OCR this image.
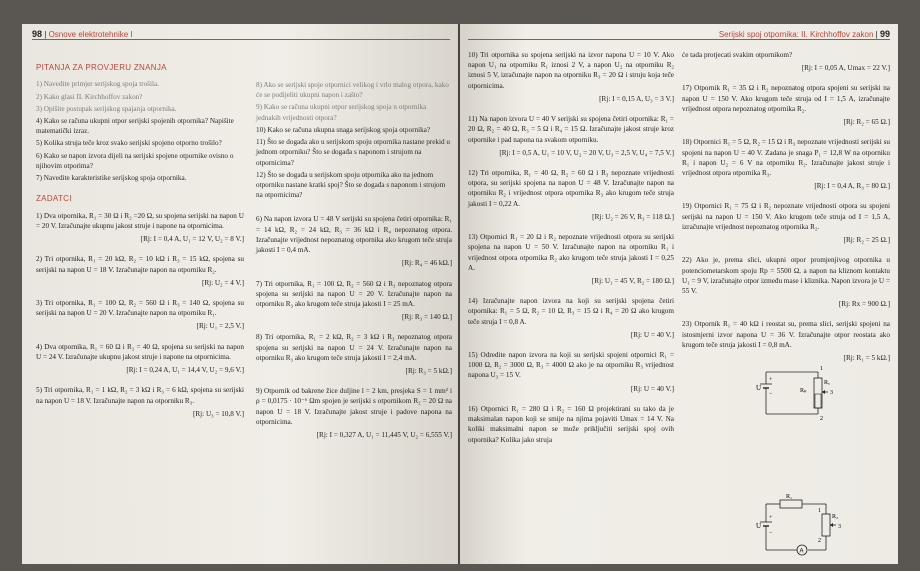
98 | Osnove elektrotehnike I
PITANJA ZA PROVJERU ZNANJA
1) Navedite primjer serijskog spoja trošila.
2) Kako glasi II. Kirchhoffov zakon?
3) Opišite postupak serijskog spajanja otpornika.
4) Kako se računa ukupni otpor serijski spojenih otpornika? Napišite matematički izraz.
5) Kolika struja teče kroz svako serijski spojeno otporno trošilo?
6) Kako se napon izvora dijeli na serijski spojene otpornike ovisno o njihovim otporima?
7) Navedite karakteristike serijskog spoja otpornika.
ZADATCI
1) Dva otpornika, R₁ = 30 Ω i R₂ =20 Ω, su spojena serijski na napon U = 20 V. Izračunajte ukupnu jakost struje i napone na otpornicima.
[Rj: I = 0,4 A, U₁ = 12 V, U₂ = 8 V.]
2) Tri otpornika, R₁ = 20 kΩ, R₂ = 10 kΩ i R₃ = 15 kΩ, spojena su serijski na napon U = 18 V. Izračunajte napon na otporniku R₂.
[Rj: U₂ = 4 V.]
3) Tri otpornika, R₁ = 100 Ω, R₂ = 560 Ω i R₃ = 140 Ω, spojena su serijski na napon U = 20 V. Izračunajte napon na otporniku R₁.
[Rj: U₁ = 2,5 V.]
4) Dva otpornika, R₁ = 60 Ω i R₂ = 40 Ω, spojena su serijski na napon U = 24 V. Izračunajte ukupnu jakost struje i napone na otpornicima.
[Rj: I = 0,24 A, U₁ = 14,4 V, U₂ = 9,6 V.]
5) Tri otpornika, R₁ = 1 kΩ, R₂ = 3 kΩ i R₃ = 6 kΩ, spojena su serijski na napon U = 18 V. Izračunajte napon na otporniku R₃.
[Rj: U₃ = 10,8 V.]
8) Ako se serijski spoje otpornici velikog i vrlo malog otpora, kako će se podijeliti ukupni napon i zašto?
9) Kako se računa ukupni otpor serijskog spoja n otpornika jednakih vrijednosti otpora?
10) Kako se računa ukupna snaga serijskog spoja otpornika?
11) Što se događa ako u serijskom spoju otpornika nastane prekid u jednom otporniku? Što se događa s naponom i strujom na otpornicima?
12) Što se događa u serijskom spoju otpornika ako na jednom otporniku nastane kratki spoj? Što se događa s naponom i strujom na otpornicima?
6) Na napon izvora U = 48 V serijski su spojena četiri otpornika: R₁ = 14 kΩ, R₂ = 24 kΩ, R₃ = 36 kΩ i R₄ nepoznatog otpora. Izračunajte vrijednost nepoznatog otpornika ako krugom teče struja jakosti I = 0,4 mA.
[Rj: R₄ = 46 kΩ.]
7) Tri otpornika, R₁ = 100 Ω, R₂ = 560 Ω i R₃ nepoznatog otpora spojena su serijski na napon U = 20 V. Izračunajte napon na otporniku R₃ ako krugom teče struja jakosti I = 25 mA.
[Rj: R₃ = 140 Ω.]
8) Tri otpornika, R₁ = 2 kΩ, R₂ = 3 kΩ i R₃ nepoznatog otpora spojena su serijski na napon U = 24 V. Izračunajte napon na otporniku R₃ ako krugom teče struja jakosti I = 2,4 mA.
[Rj: R₃ = 5 kΩ.]
9) Otpornik od bakrene žice duljine l = 2 km, presjeka S = 1 mm² i ρ = 0,0175 · 10⁻⁶ Ωm spojen je serijski s otpornikom R₂ = 20 Ω na napon U = 18 V. Izračunajte jakost struje i padove napona na otpornicima.
[Rj: I = 0,327 A, U₁ = 11,445 V, U₂ = 6,555 V.]
Serijski spoj otpornika: II. Kirchhoffov zakon | 99
10) Tri otpornika su spojena serijski na izvor napona U = 10 V. Ako napon U₁ na otporniku R₁ iznosi 2 V, a napon U₂ na otporniku R₂ iznosi 5 V, izračunajte napon na otporniku R₃ = 20 Ω i struju koja teče otpornicima.
[Rj: I = 0,15 A, U₃ = 3 V.]
11) Na napon izvora U = 40 V serijski su spojena četiri otpornika: R₁ = 20 Ω, R₂ = 40 Ω, R₃ = 5 Ω i R₄ = 15 Ω. Izračunajte jakost struje kroz otpornike i pad napona na svakom otporniku.
[Rj: I = 0,5 A, U₁ = 10 V, U₂ = 20 V, U₃ = 2,5 V, U₄ = 7,5 V.]
12) Tri otpornika, R₁ = 40 Ω, R₂ = 60 Ω i R₃ nepoznate vrijednosti otpora, su serijski spojena na napon U = 48 V. Izračunajte napon na otporniku R₂ i vrijednost otpora otpornika R₃ ako krugom teče struja jakosti I = 0,22 A.
[Rj: U₂ = 26 V, R₃ = 118 Ω.]
13) Otpornici R₁ = 20 Ω i R₂ nepoznate vrijednosti otpora su serijski spojena na napon U = 50 V. Izračunajte napon na otporniku R₁ i vrijednost otpora otpornika R₂ ako krugom teče struja jakosti I = 0,25 A.
[Rj: U₁ = 45 V, R₂ = 180 Ω.]
14) Izračunajte napon izvora na koji su serijski spojena četiri otpornika: R₁ = 5 Ω, R₂ = 10 Ω, R₃ = 15 Ω i R₄ = 20 Ω ako krugom teče struja I = 0,8 A.
[Rj: U = 40 V.]
15) Odredite napon izvora na koji su serijski spojeni otpornici R₁ = 1000 Ω, R₂ = 3000 Ω, R₃ = 4000 Ω ako je na otporniku R₃ vrijednost napona U₃ = 15 V.
[Rj: U = 40 V.]
16) Otpornici R₁ = 280 Ω i R₂ = 160 Ω projektirani su tako da je maksimalan napon koji se smije na njima pojaviti Umax = 14 V. Na koliki maksimalni napon se može priključiti serijski spoj ovih otpornika? Kolika jako struja
će tada protjecati svakim otpornikom?
[Rj: I = 0,05 A, Umax = 22 V.]
17) Otpornik R₁ = 35 Ω i R₂ nepoznatog otpora spojeni su serijski na napon U = 150 V. Ako krugom teče struja od I = 1,5 A, izračunajte vrijednost otpora nepoznatog otpornika R₂.
[Rj: R₂ = 65 Ω.]
18) Otpornici R₁ = 5 Ω, R₂ = 15 Ω i R₃ nepoznate vrijednosti serijski su spojeni na napon U = 40 V. Zadana je snaga P₁ = 12,8 W na otporniku R₁ i napon U₂ = 6 V na otporniku R₂. Izračunajte jakost struje i vrijednost otpora otpornika R₃.
[Rj: I = 0,4 A, R₃ = 80 Ω.]
19) Otpornici R₁ = 75 Ω i R₂ nepoznate vrijednosti otpora su spojeni serijski na napon U = 150 V. Ako krugom teče struja od I = 1,5 A, izračunajte vrijednost nepoznatog otpornika R₂.
[Rj: R₂ = 25 Ω.]
22) Ako je, prema slici, ukupni otpor promjenjivog otpornika u potenciometarskom spoju Rp = 5500 Ω, a napon na kliznom kontaktu U₁ = 9 V, izračunajte otpor između mase i kliznika. Napon izvora je U = 55 V.
[Rj: Rx = 900 Ω.]
23) Otpornik R₁ = 40 kΩ i reostat su, prema slici, serijski spojeni na istosmjerni izvor napona U = 36 V. Izračunajte otpor reostata ako krugom teče struja jakosti I = 0,8 mA.
[Rj: R₁ = 5 kΩ.]
U
+
−	Rₚ
Rₓ
1
2
3
U
+
−
R₁
R₂
1
2
3
A
